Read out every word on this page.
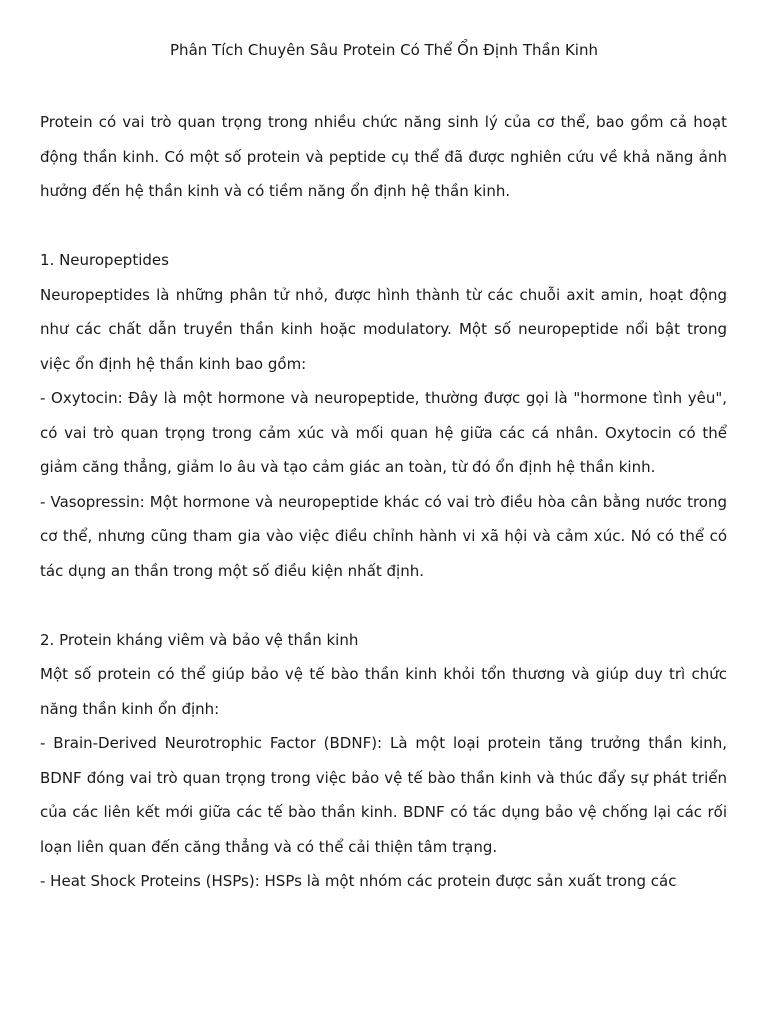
Phân Tích Chuyên Sâu Protein Có Thể Ổn Định Thần Kinh

Protein có vai trò quan trọng trong nhiều chức năng sinh lý của cơ thể, bao gồm cả hoạt động thần kinh. Có một số protein và peptide cụ thể đã được nghiên cứu về khả năng ảnh hưởng đến hệ thần kinh và có tiềm năng ổn định hệ thần kinh.

1. Neuropeptides

Neuropeptides là những phân tử nhỏ, được hình thành từ các chuỗi axit amin, hoạt động như các chất dẫn truyền thần kinh hoặc modulatory. Một số neuropeptide nổi bật trong việc ổn định hệ thần kinh bao gồm:

- Oxytocin: Đây là một hormone và neuropeptide, thường được gọi là "hormone tình yêu", có vai trò quan trọng trong cảm xúc và mối quan hệ giữa các cá nhân. Oxytocin có thể giảm căng thẳng, giảm lo âu và tạo cảm giác an toàn, từ đó ổn định hệ thần kinh.

- Vasopressin: Một hormone và neuropeptide khác có vai trò điều hòa cân bằng nước trong cơ thể, nhưng cũng tham gia vào việc điều chỉnh hành vi xã hội và cảm xúc. Nó có thể có tác dụng an thần trong một số điều kiện nhất định.

2. Protein kháng viêm và bảo vệ thần kinh

Một số protein có thể giúp bảo vệ tế bào thần kinh khỏi tổn thương và giúp duy trì chức năng thần kinh ổn định:

- Brain-Derived Neurotrophic Factor (BDNF): Là một loại protein tăng trưởng thần kinh, BDNF đóng vai trò quan trọng trong việc bảo vệ tế bào thần kinh và thúc đẩy sự phát triển của các liên kết mới giữa các tế bào thần kinh. BDNF có tác dụng bảo vệ chống lại các rối loạn liên quan đến căng thẳng và có thể cải thiện tâm trạng.

- Heat Shock Proteins (HSPs): HSPs là một nhóm các protein được sản xuất trong các
